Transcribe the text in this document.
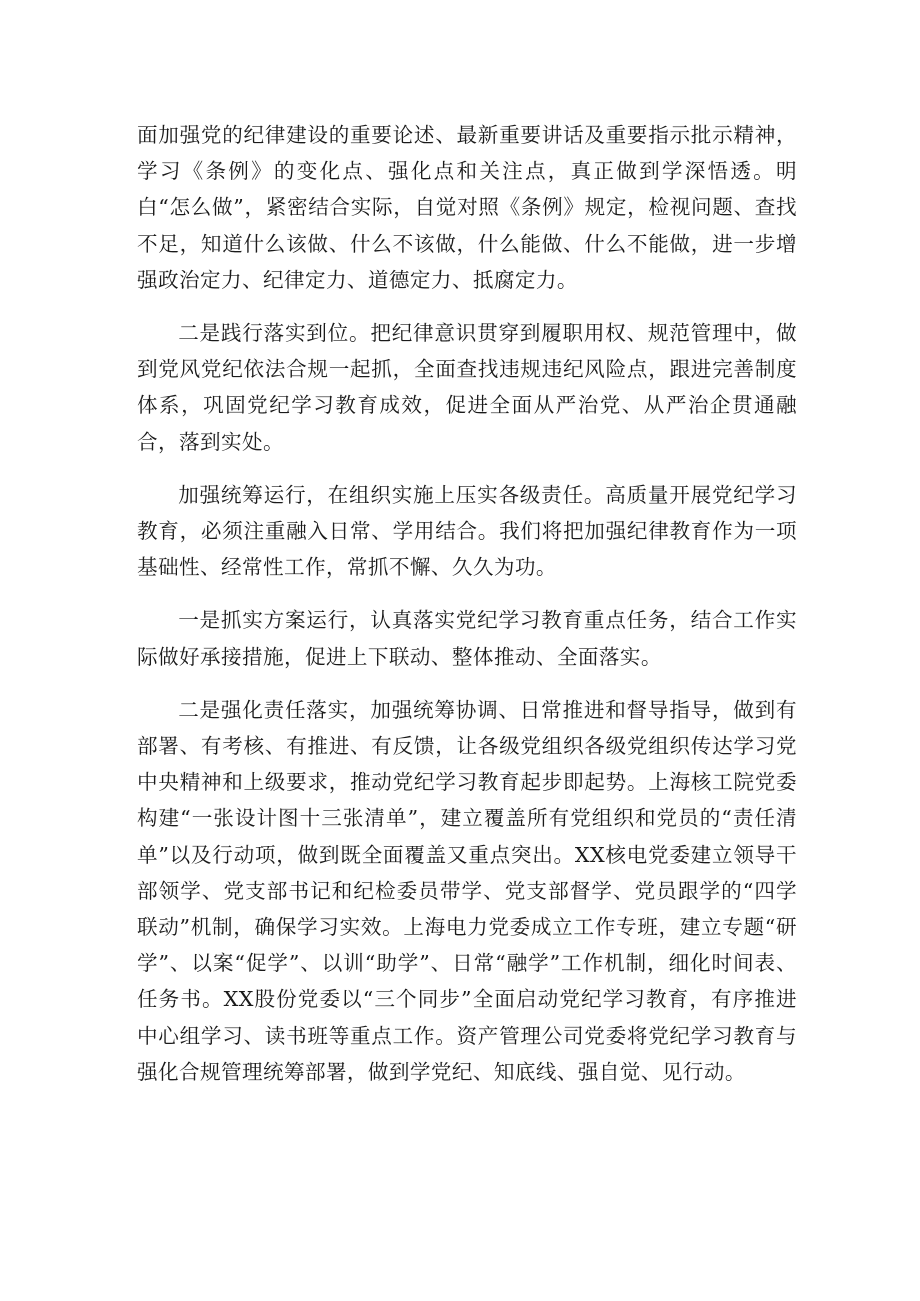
面加强党的纪律建设的重要论述、最新重要讲话及重要指示批示精神，学习《条例》的变化点、强化点和关注点，真正做到学深悟透。明白“怎么做”，紧密结合实际，自觉对照《条例》规定，检视问题、查找不足，知道什么该做、什么不该做，什么能做、什么不能做，进一步增强政治定力、纪律定力、道德定力、抵腐定力。

二是践行落实到位。把纪律意识贯穿到履职用权、规范管理中，做到党风党纪依法合规一起抓，全面查找违规违纪风险点，跟进完善制度体系，巩固党纪学习教育成效，促进全面从严治党、从严治企贯通融合，落到实处。

加强统筹运行，在组织实施上压实各级责任。高质量开展党纪学习教育，必须注重融入日常、学用结合。我们将把加强纪律教育作为一项基础性、经常性工作，常抓不懈、久久为功。

一是抓实方案运行，认真落实党纪学习教育重点任务，结合工作实际做好承接措施，促进上下联动、整体推动、全面落实。

二是强化责任落实，加强统筹协调、日常推进和督导指导，做到有部署、有考核、有推进、有反馈，让各级党组织各级党组织传达学习党中央精神和上级要求，推动党纪学习教育起步即起势。上海核工院党委构建“一张设计图十三张清单”，建立覆盖所有党组织和党员的“责任清单”以及行动项，做到既全面覆盖又重点突出。XX核电党委建立领导干部领学、党支部书记和纪检委员带学、党支部督学、党员跟学的“四学联动”机制，确保学习实效。上海电力党委成立工作专班，建立专题“研学”、以案“促学”、以训“助学”、日常“融学”工作机制，细化时间表、任务书。XX股份党委以“三个同步”全面启动党纪学习教育，有序推进中心组学习、读书班等重点工作。资产管理公司党委将党纪学习教育与强化合规管理统筹部署，做到学党纪、知底线、强自觉、见行动。
